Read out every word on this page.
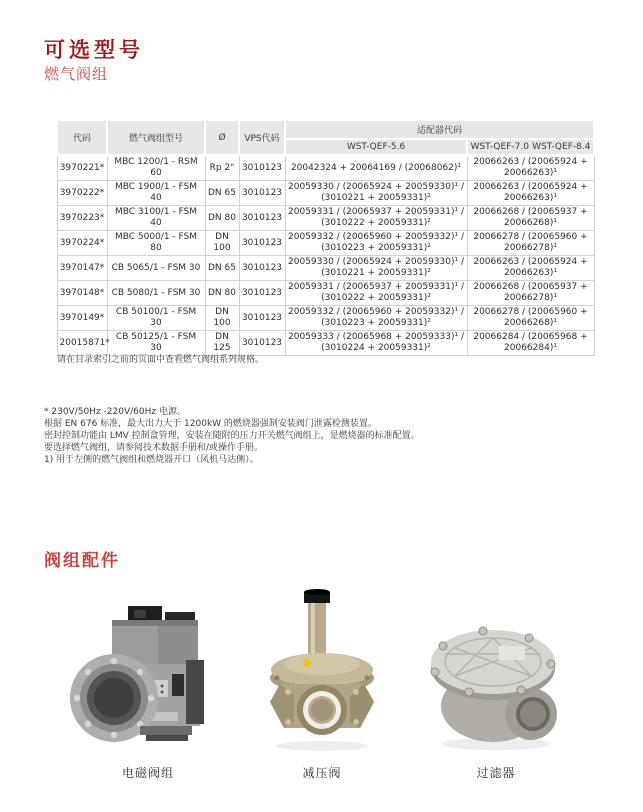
可选型号
燃气阀组
代码	燃气阀组型号	Ø	VPS代码	适配器代码	
				WST-QEF-5.6	WST-QEF-7.0 WST-QEF-8.4

3970221*	MBC 1200/1 - RSM 60	Rp 2"	3010123	20042324 + 20064169 / (20068062)¹	20066263 / (20065924 + 20066263)¹
3970222*	MBC 1900/1 - FSM 40	DN 65	3010123	20059330 / (20065924 + 20059330)¹ / (3010221 + 20059331)²	20066263 / (20065924 + 20066263)¹
3970223*	MBC 3100/1 - FSM 40	DN 80	3010123	20059331 / (20065937 + 20059331)¹ / (3010222 + 20059331)²	20066268 / (20065937 + 20066268)¹
3970224*	MBC 5000/1 - FSM 80	DN 100	3010123	20059332 / (20065960 + 20059332)¹ / (3010223 + 20059331)²	20066278 / (20065960 + 20066278)¹
3970147*	CB 5065/1 - FSM 30	DN 65	3010123	20059330 / (20065924 + 20059330)¹ / (3010221 + 20059331)²	20066263 / (20065924 + 20066263)¹
3970148*	CB 5080/1 - FSM 30	DN 80	3010123	20059331 / (20065937 + 20059331)¹ / (3010222 + 20059331)²	20066268 / (20065937 + 20066278)¹
3970149*	CB 50100/1 - FSM 30	DN 100	3010123	20059332 / (20065960 + 20059332)¹ / (3010223 + 20059331)²	20066278 / (20065960 + 20066268)¹
20015871*	CB 50125/1 - FSM 30	DN 125	3010123	20059333 / (20065968 + 20059333)¹ / (3010224 + 20059331)²	20066284 / (20065968 + 20066284)¹
请在目录索引之前的页面中查看燃气阀组系列规格。
* 230V/50Hz -220V/60Hz 电源。
根据 EN 676 标准，最大出力大于 1200kW 的燃烧器强制安装阀门泄露检测装置。
密封控制功能由 LMV 控制盒管理，安装在随附的压力开关燃气阀组上，是燃烧器的标准配置。
要选择燃气阀组，请参阅技术数据手册和/或操作手册。
1) 用于左侧的燃气阀组和燃烧器开口（风机马达侧）。
阀组配件
电磁阀组	减压阀	过滤器
